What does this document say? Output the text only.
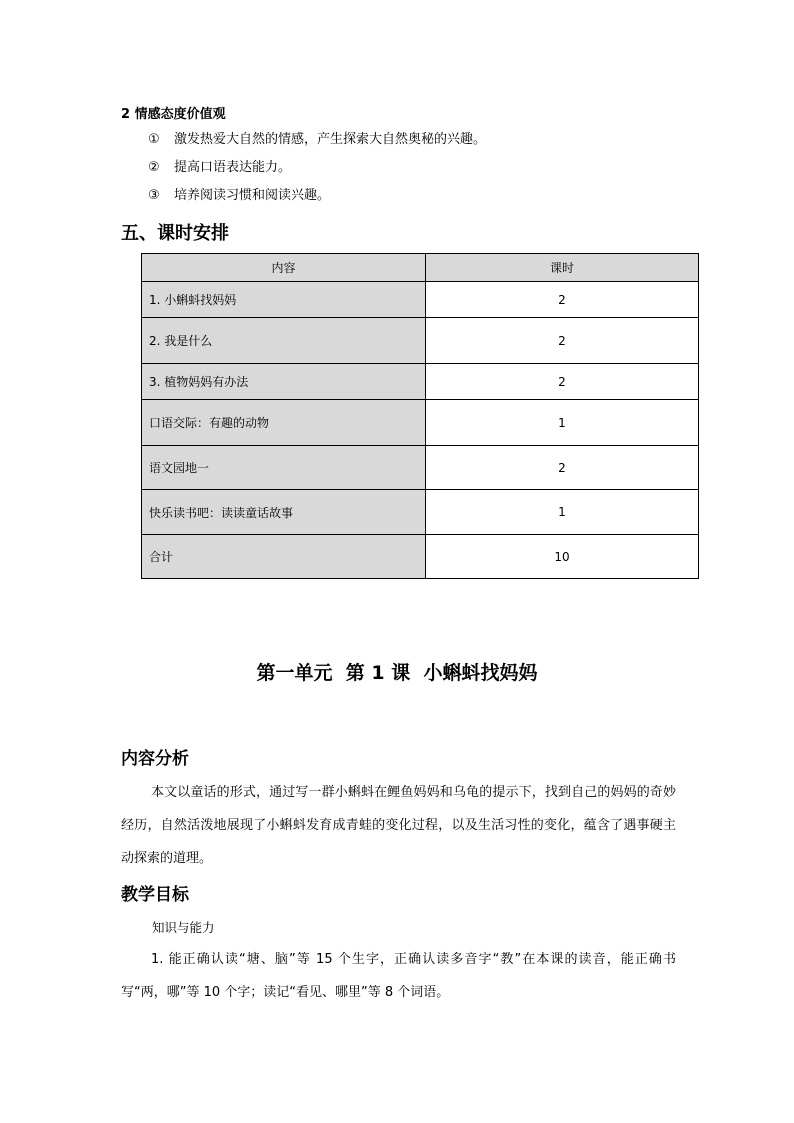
2 情感态度价值观
① 激发热爱大自然的情感，产生探索大自然奥秘的兴趣。
② 提高口语表达能力。
③ 培养阅读习惯和阅读兴趣。
五、课时安排
内容	课时
1. 小蝌蚪找妈妈	2
2. 我是什么	2
3. 植物妈妈有办法	2
口语交际：有趣的动物	1
语文园地一	2
快乐读书吧：读读童话故事	1
合计	10
第一单元  第 1 课  小蝌蚪找妈妈
内容分析
本文以童话的形式，通过写一群小蝌蚪在鲤鱼妈妈和乌龟的提示下，找到自己的妈妈的奇妙经历，自然活泼地展现了小蝌蚪发育成青蛙的变化过程，以及生活习性的变化，蕴含了遇事硬主动探索的道理。
教学目标
知识与能力
1. 能正确认读“塘、脑”等 15 个生字，正确认读多音字“教”在本课的读音，能正确书写“两，哪”等 10 个字；读记“看见、哪里”等 8 个词语。
